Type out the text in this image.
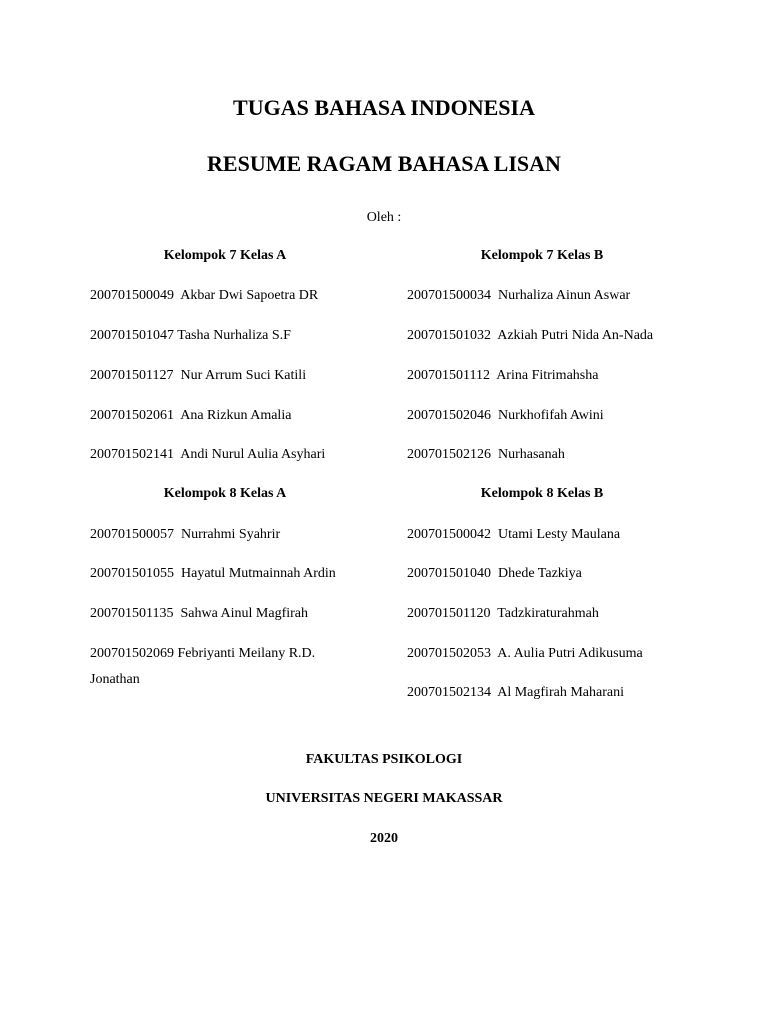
TUGAS BAHASA INDONESIA
RESUME RAGAM BAHASA LISAN
Oleh :
Kelompok 7 Kelas A	Kelompok 7 Kelas B
200701500049  Akbar Dwi Sapoetra DR
200701501047 Tasha Nurhaliza S.F
200701501127  Nur Arrum Suci Katili
200701502061  Ana Rizkun Amalia
200701502141  Andi Nurul Aulia Asyhari
200701500034  Nurhaliza Ainun Aswar
200701501032  Azkiah Putri Nida An-Nada
200701501112  Arina Fitrimahsha
200701502046  Nurkhofifah Awini
200701502126  Nurhasanah
Kelompok 8 Kelas A	Kelompok 8 Kelas B
200701500057  Nurrahmi Syahrir
200701501055  Hayatul Mutmainnah Ardin
200701501135  Sahwa Ainul Magfirah
200701502069 Febriyanti Meilany R.D. Jonathan
200701500042  Utami Lesty Maulana
200701501040  Dhede Tazkiya
200701501120  Tadzkiraturahmah
200701502053  A. Aulia Putri Adikusuma
200701502134  Al Magfirah Maharani
FAKULTAS PSIKOLOGI
UNIVERSITAS NEGERI MAKASSAR
2020
